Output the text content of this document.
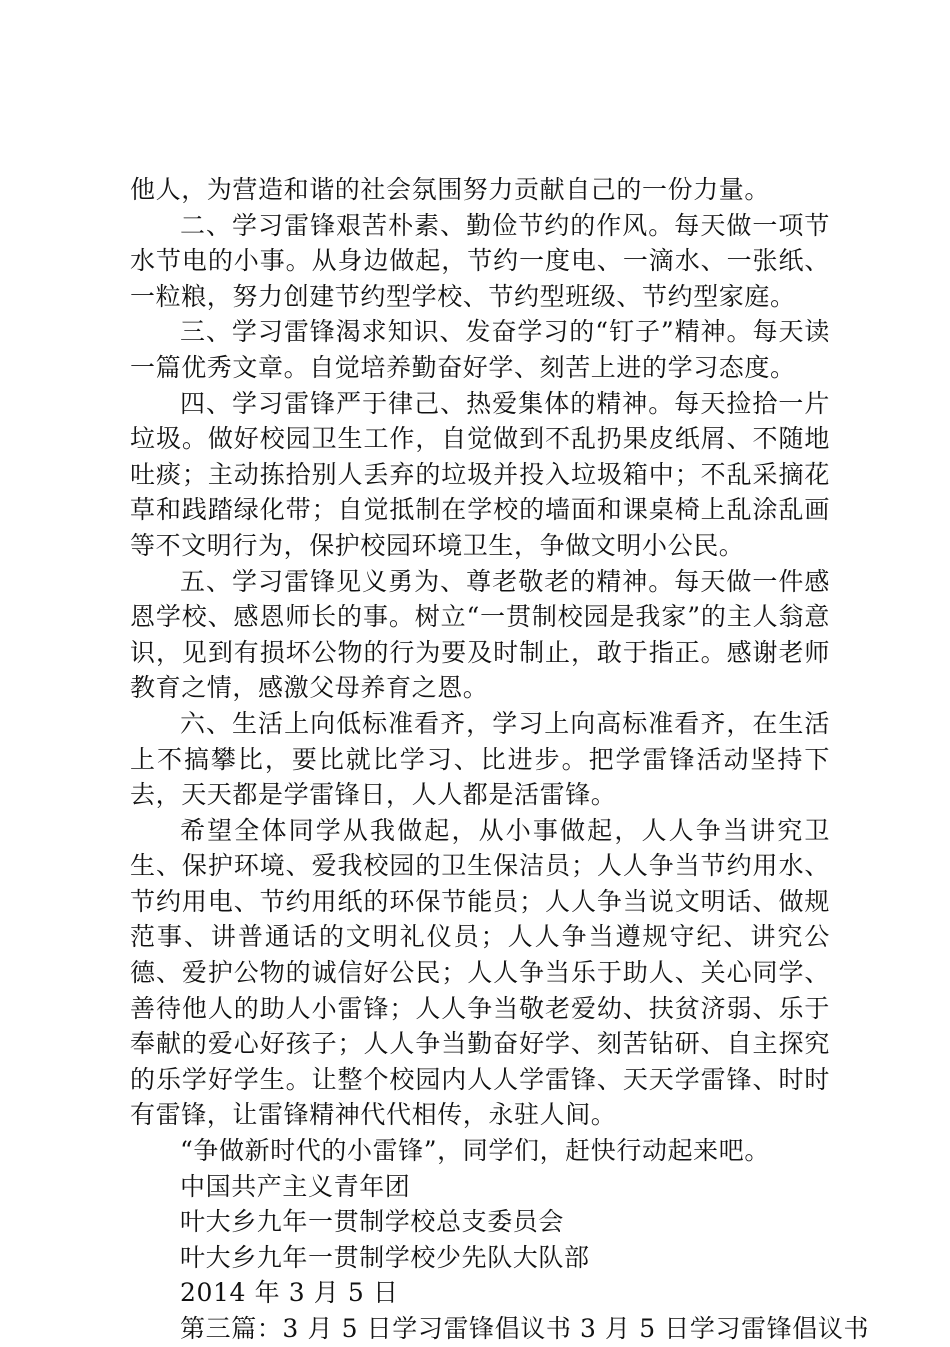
他人，为营造和谐的社会氛围努力贡献自己的一份力量。

二、学习雷锋艰苦朴素、勤俭节约的作风。每天做一项节水节电的小事。从身边做起，节约一度电、一滴水、一张纸、一粒粮，努力创建节约型学校、节约型班级、节约型家庭。

三、学习雷锋渴求知识、发奋学习的“钉子”精神。每天读一篇优秀文章。自觉培养勤奋好学、刻苦上进的学习态度。

四、学习雷锋严于律己、热爱集体的精神。每天捡拾一片垃圾。做好校园卫生工作，自觉做到不乱扔果皮纸屑、不随地吐痰；主动拣拾别人丢弃的垃圾并投入垃圾箱中；不乱采摘花草和践踏绿化带；自觉抵制在学校的墙面和课桌椅上乱涂乱画等不文明行为，保护校园环境卫生，争做文明小公民。

五、学习雷锋见义勇为、尊老敬老的精神。每天做一件感恩学校、感恩师长的事。树立“一贯制校园是我家”的主人翁意识，见到有损坏公物的行为要及时制止，敢于指正。感谢老师教育之情，感激父母养育之恩。

六、生活上向低标准看齐，学习上向高标准看齐，在生活上不搞攀比，要比就比学习、比进步。把学雷锋活动坚持下去，天天都是学雷锋日，人人都是活雷锋。

希望全体同学从我做起，从小事做起，人人争当讲究卫生、保护环境、爱我校园的卫生保洁员；人人争当节约用水、节约用电、节约用纸的环保节能员；人人争当说文明话、做规范事、讲普通话的文明礼仪员；人人争当遵规守纪、讲究公德、爱护公物的诚信好公民；人人争当乐于助人、关心同学、善待他人的助人小雷锋；人人争当敬老爱幼、扶贫济弱、乐于奉献的爱心好孩子；人人争当勤奋好学、刻苦钻研、自主探究的乐学好学生。让整个校园内人人学雷锋、天天学雷锋、时时有雷锋，让雷锋精神代代相传，永驻人间。

“争做新时代的小雷锋”，同学们，赶快行动起来吧。

中国共产主义青年团

叶大乡九年一贯制学校总支委员会

叶大乡九年一贯制学校少先队大队部

2014 年 3 月 5 日

第三篇：3 月 5 日学习雷锋倡议书 3 月 5 日学习雷锋倡议书
